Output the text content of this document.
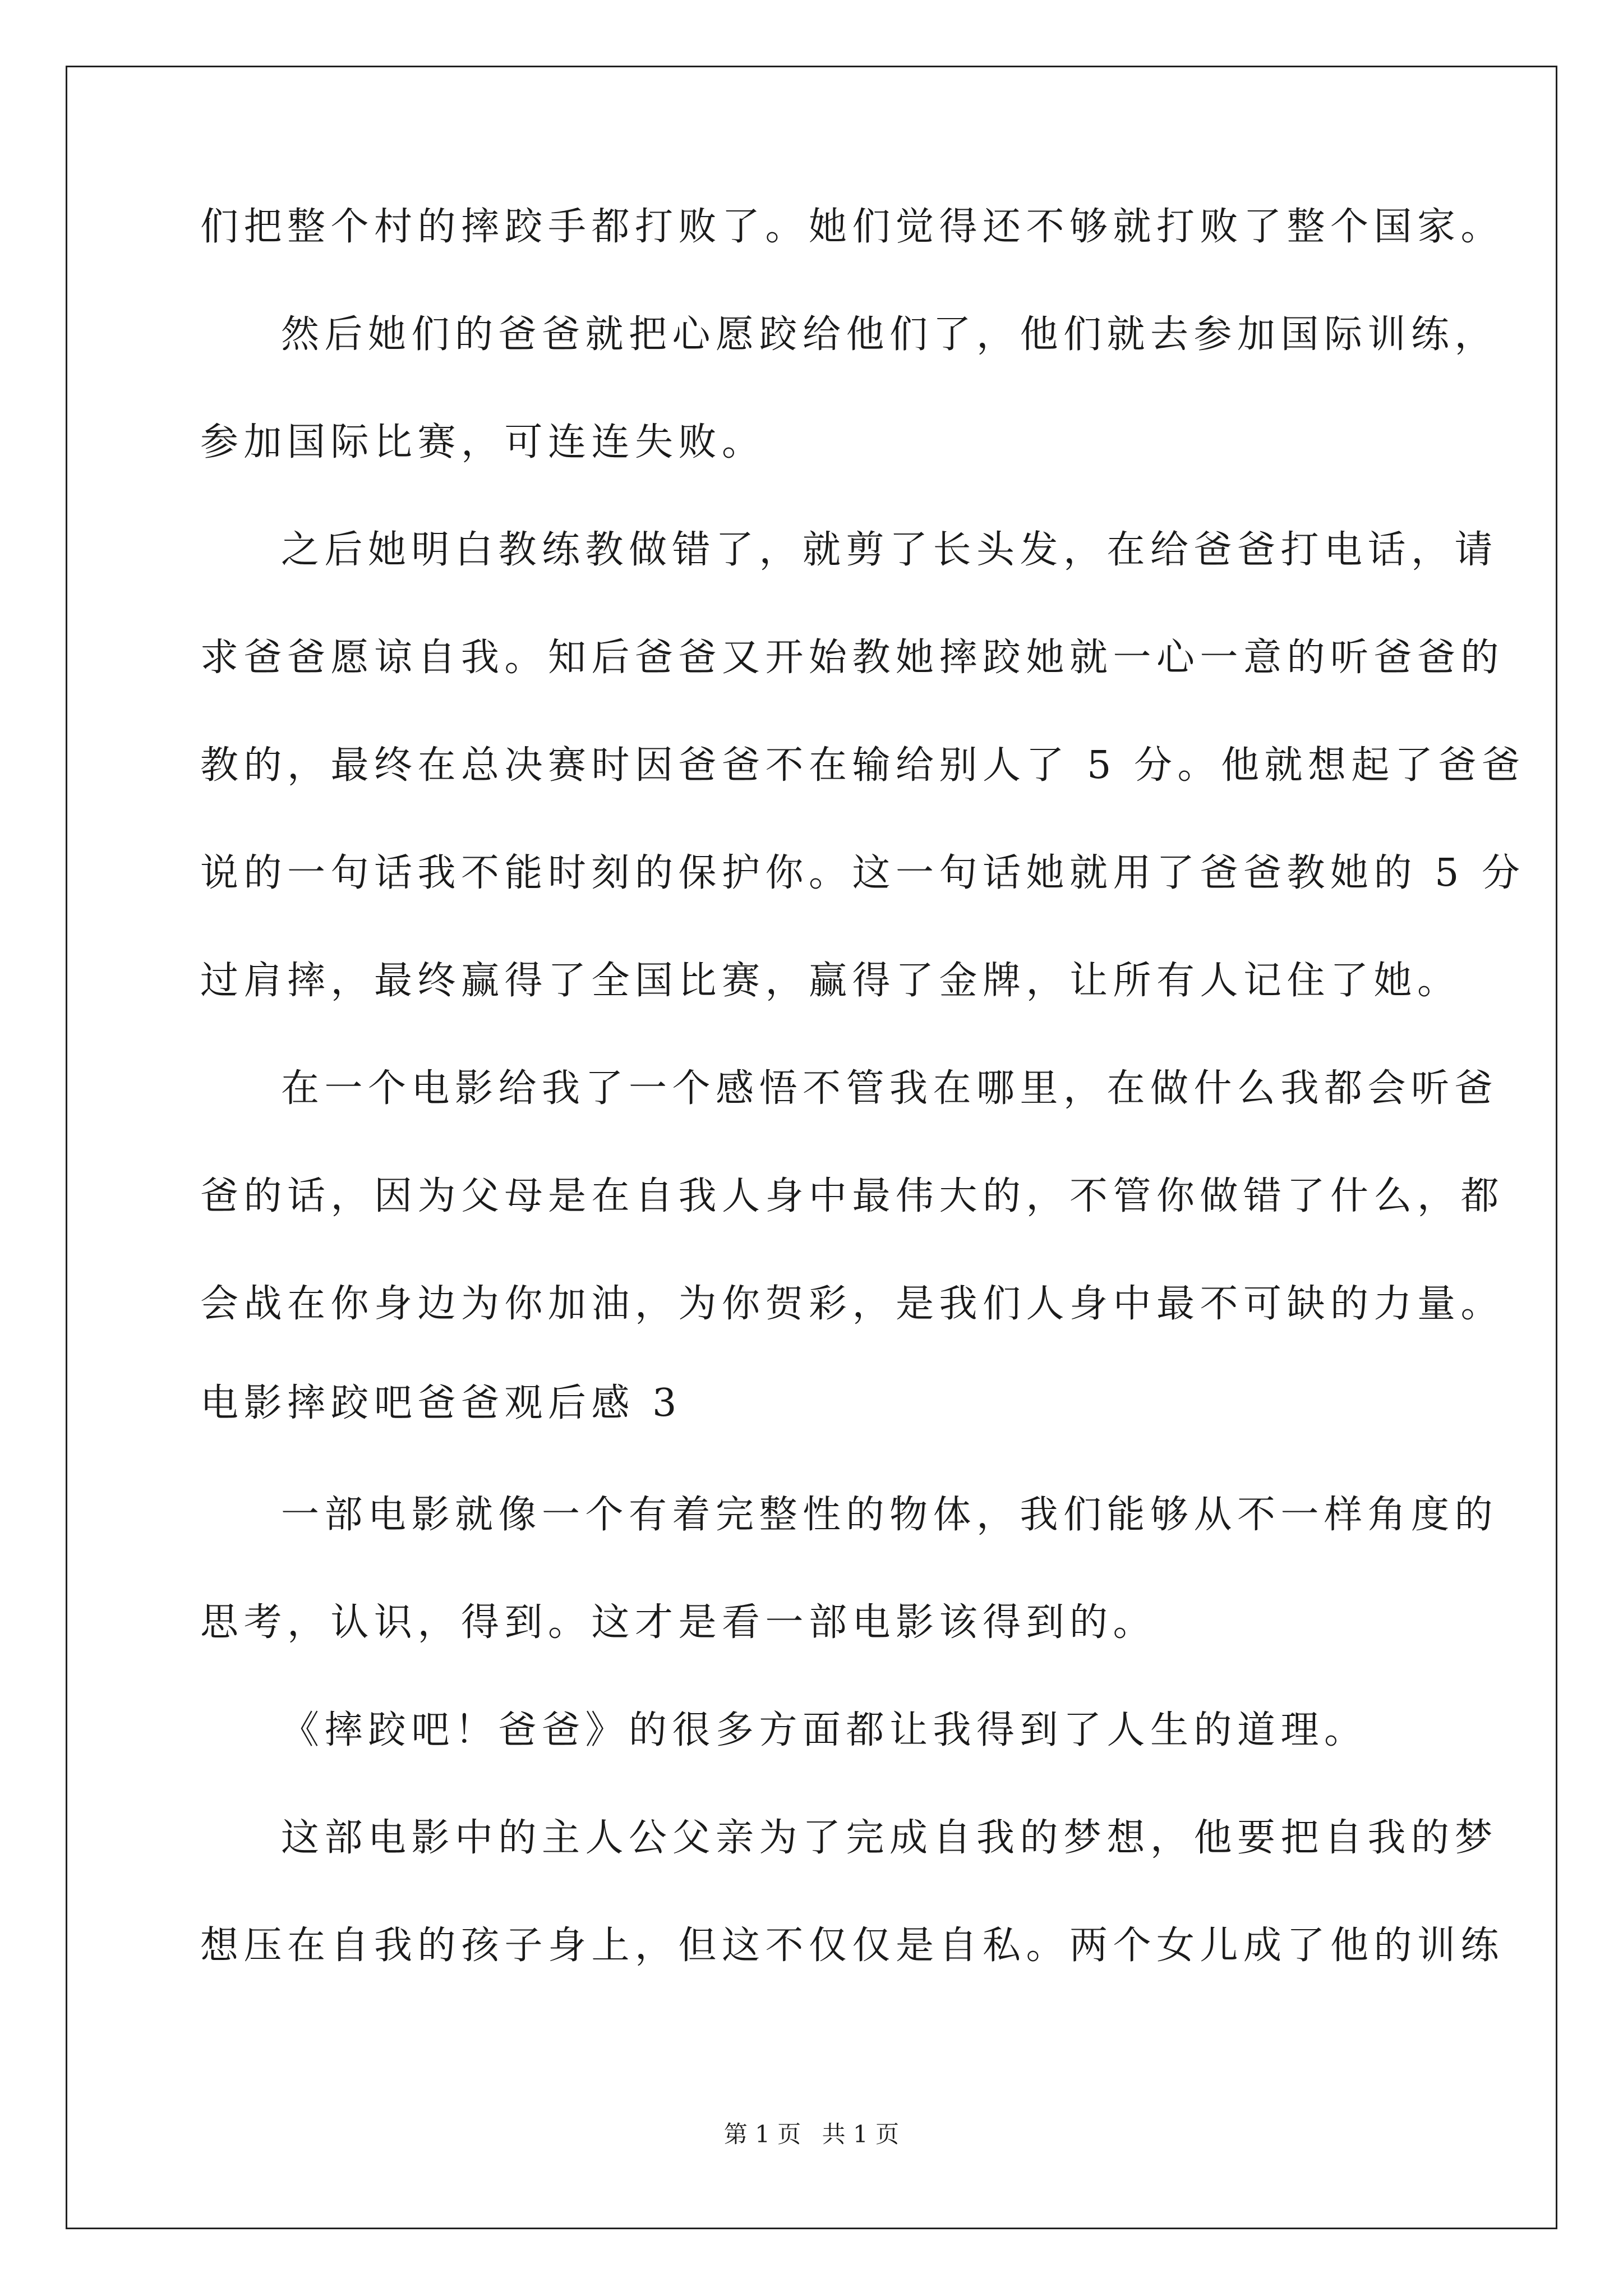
们把整个村的摔跤手都打败了。她们觉得还不够就打败了整个国家。
然后她们的爸爸就把心愿跤给他们了，他们就去参加国际训练，
参加国际比赛，可连连失败。
之后她明白教练教做错了，就剪了长头发，在给爸爸打电话，请
求爸爸愿谅自我。知后爸爸又开始教她摔跤她就一心一意的听爸爸的
教的，最终在总决赛时因爸爸不在输给别人了 5 分。他就想起了爸爸
说的一句话我不能时刻的保护你。这一句话她就用了爸爸教她的 5 分
过肩摔，最终赢得了全国比赛，赢得了金牌，让所有人记住了她。
在一个电影给我了一个感悟不管我在哪里，在做什么我都会听爸
爸的话，因为父母是在自我人身中最伟大的，不管你做错了什么，都
会战在你身边为你加油，为你贺彩，是我们人身中最不可缺的力量。
电影摔跤吧爸爸观后感 3
一部电影就像一个有着完整性的物体，我们能够从不一样角度的
思考，认识，得到。这才是看一部电影该得到的。
《摔跤吧！爸爸》的很多方面都让我得到了人生的道理。
这部电影中的主人公父亲为了完成自我的梦想，他要把自我的梦
想压在自我的孩子身上，但这不仅仅是自私。两个女儿成了他的训练
第 1 页 共 1 页
